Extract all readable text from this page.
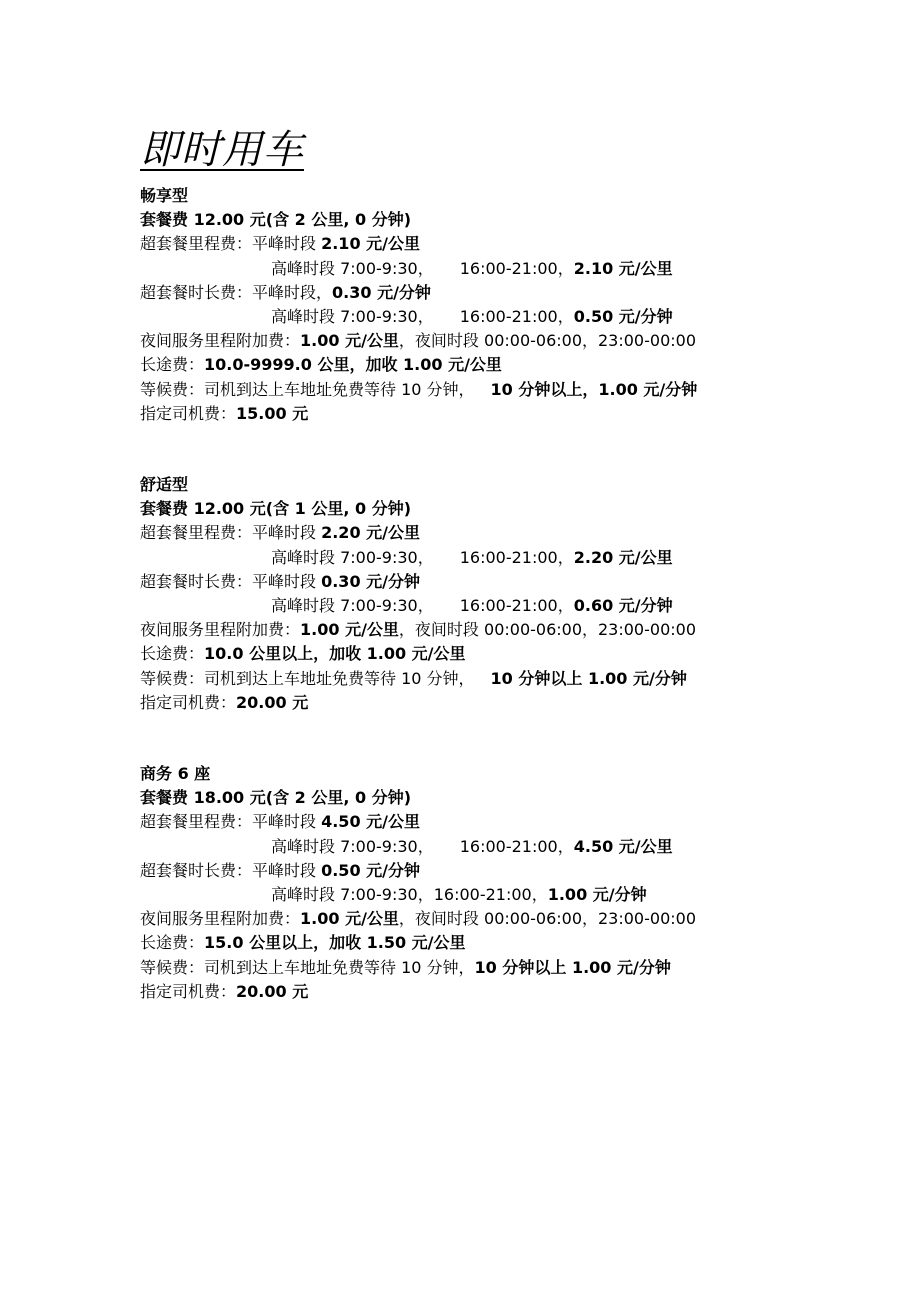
即时用车
畅享型
套餐费 12.00 元(含 2 公里, 0 分钟)
超套餐里程费：平峰时段 2.10 元/公里
高峰时段 7:00-9:30， 16:00-21:00，2.10 元/公里
超套餐时长费：平峰时段，0.30 元/分钟
高峰时段 7:00-9:30， 16:00-21:00，0.50 元/分钟
夜间服务里程附加费：1.00 元/公里，夜间时段 00:00-06:00，23:00-00:00
长途费：10.0-9999.0 公里，加收 1.00 元/公里
等候费：司机到达上车地址免费等待 10 分钟， 10 分钟以上，1.00 元/分钟
指定司机费：15.00 元
舒适型
套餐费 12.00 元(含 1 公里, 0 分钟)
超套餐里程费：平峰时段 2.20 元/公里
高峰时段 7:00-9:30， 16:00-21:00，2.20 元/公里
超套餐时长费：平峰时段 0.30 元/分钟
高峰时段 7:00-9:30， 16:00-21:00，0.60 元/分钟
夜间服务里程附加费：1.00 元/公里，夜间时段 00:00-06:00，23:00-00:00
长途费：10.0 公里以上，加收 1.00 元/公里
等候费：司机到达上车地址免费等待 10 分钟， 10 分钟以上 1.00 元/分钟
指定司机费：20.00 元
商务 6 座
套餐费 18.00 元(含 2 公里, 0 分钟)
超套餐里程费：平峰时段 4.50 元/公里
高峰时段 7:00-9:30， 16:00-21:00，4.50 元/公里
超套餐时长费：平峰时段 0.50 元/分钟
高峰时段 7:00-9:30，16:00-21:00，1.00 元/分钟
夜间服务里程附加费：1.00 元/公里，夜间时段 00:00-06:00，23:00-00:00
长途费：15.0 公里以上，加收 1.50 元/公里
等候费：司机到达上车地址免费等待 10 分钟，10 分钟以上 1.00 元/分钟
指定司机费：20.00 元
